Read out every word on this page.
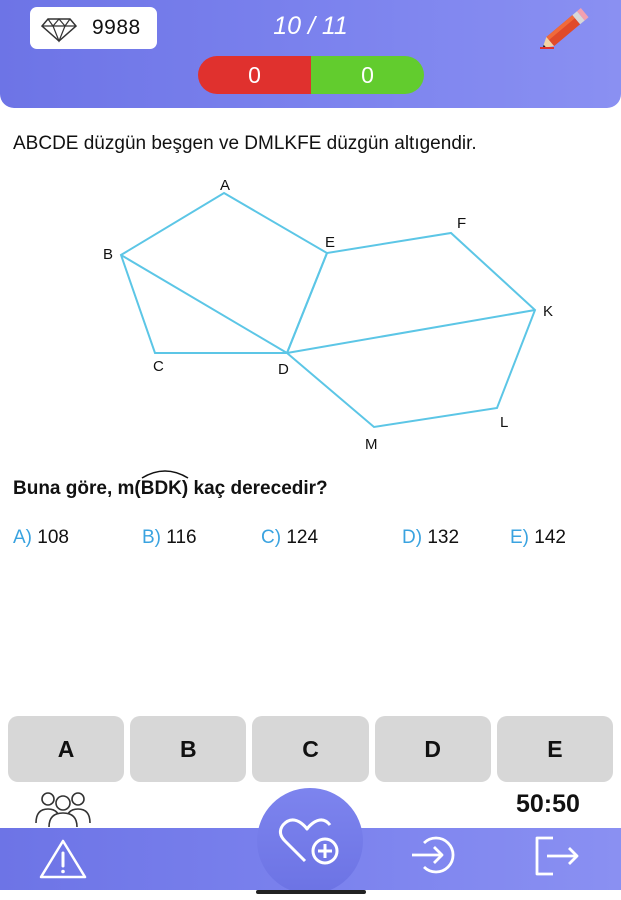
9988	10 / 11
0	0
ABCDE düzgün beşgen ve DMLKFE düzgün altıgendir.
A
B
C	D
E
F
K
L
M
Buna göre, m
(BDK) kaç derecedir?
A) 108	B) 116	C) 124	D) 132	E) 142
A	B	C	D	E
50:50
